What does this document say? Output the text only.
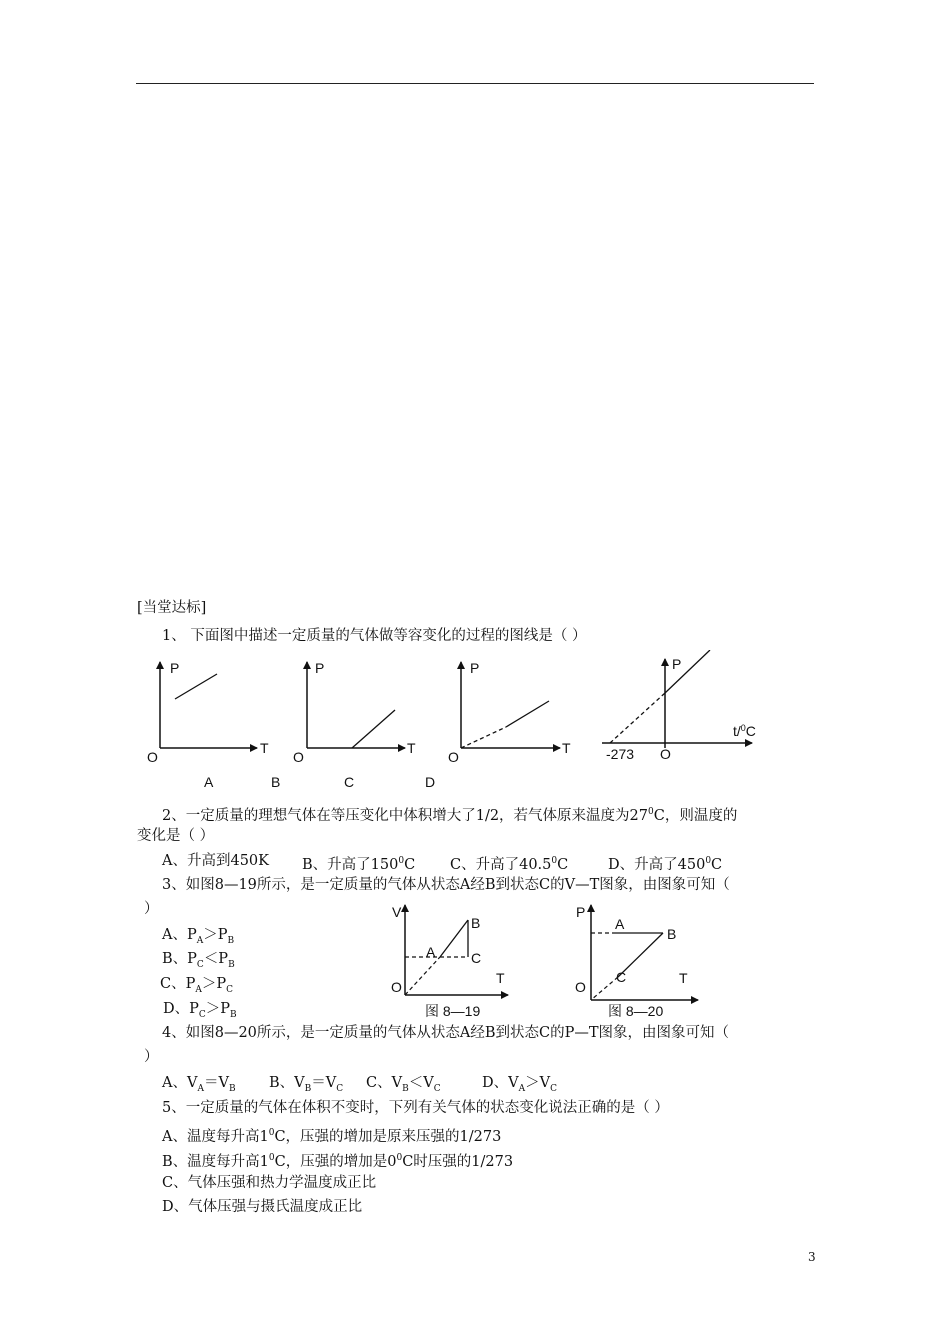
[当堂达标]
1、 下面图中描述一定质量的气体做等容变化的过程的图线是（ ）
P
T
O
A
P
T
O
B
P
T
O
C	D
P
t/$^0$C
-273 O
2、一定质量的理想气体在等压变化中体积增大了1/2，若气体原来温度为$27^0C$，则温度的
变化是（ ）
A、升高到450K B、升高了$150^0C$ C、升高了40.5$^0$C	D、升高了$450^0C$
3、如图8—19所示，是一定质量的气体从状态A经B到状态C的V—T图象，由图象可知（
）
A、$P_A>P_B$
B、$P_C<P_B$
C、$P_A>P_C$
D、$P_C>P_B$
V
T
O
A
B
C
图 8—19
P
T
O
A
B
C
图 8—20
4、如图8—20所示，是一定质量的气体从状态A经B到状态C的P—T图象，由图象可知（
）
A、$V_A=V_B$ B、$V_B=V_C$ C、$V_B<V_C$	D、$V_A>V_C$
5、一定质量的气体在体积不变时，下列有关气体的状态变化说法正确的是（ ）
A、温度每升高$1^0C$，压强的增加是原来压强的1/273
B、温度每升高$1^0C$，压强的增加是$0^0C$时压强的1/273
C、气体压强和热力学温度成正比
D、气体压强与摄氏温度成正比
3
